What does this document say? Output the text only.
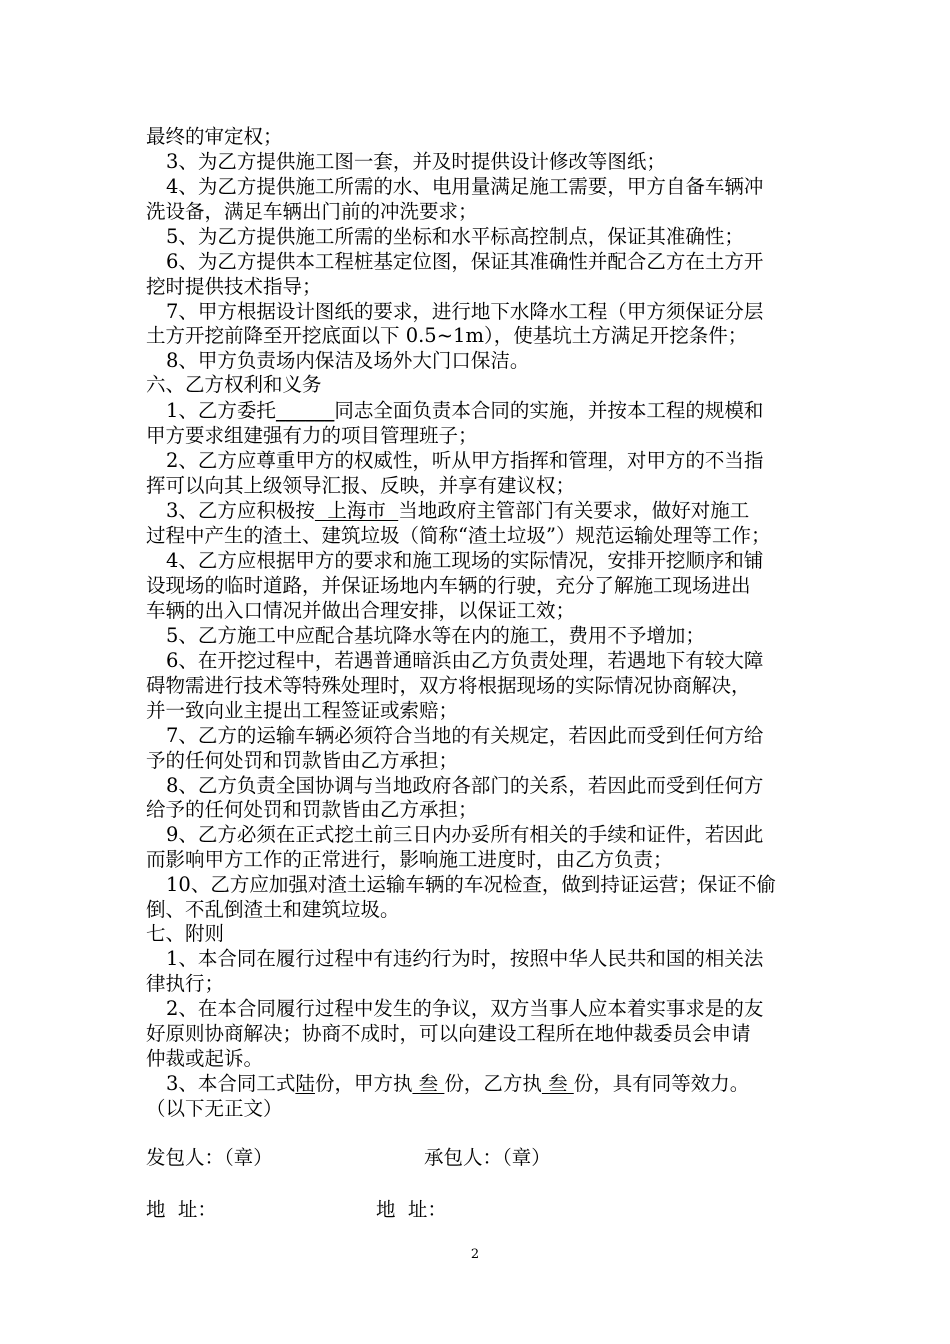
最终的审定权；
3、为乙方提供施工图一套，并及时提供设计修改等图纸；
4、为乙方提供施工所需的水、电用量满足施工需要，甲方自备车辆冲
洗设备，满足车辆出门前的冲洗要求；
5、为乙方提供施工所需的坐标和水平标高控制点，保证其准确性；
6、为乙方提供本工程桩基定位图，保证其准确性并配合乙方在土方开
挖时提供技术指导；
7、甲方根据设计图纸的要求，进行地下水降水工程（甲方须保证分层
土方开挖前降至开挖底面以下 0.5~1m），使基坑土方满足开挖条件；
8、甲方负责场内保洁及场外大门口保洁。
六、乙方权利和义务
1、乙方委托______同志全面负责本合同的实施，并按本工程的规模和
甲方要求组建强有力的项目管理班子；
2、乙方应尊重甲方的权威性，听从甲方指挥和管理，对甲方的不当指
挥可以向其上级领导汇报、反映，并享有建议权；
3、乙方应积极按  上海市  当地政府主管部门有关要求，做好对施工
过程中产生的渣土、建筑垃圾（简称“渣土垃圾”）规范运输处理等工作；
4、乙方应根据甲方的要求和施工现场的实际情况，安排开挖顺序和铺
设现场的临时道路，并保证场地内车辆的行驶，充分了解施工现场进出
车辆的出入口情况并做出合理安排，以保证工效；
5、乙方施工中应配合基坑降水等在内的施工，费用不予增加；
6、在开挖过程中，若遇普通暗浜由乙方负责处理，若遇地下有较大障
碍物需进行技术等特殊处理时，双方将根据现场的实际情况协商解决，
并一致向业主提出工程签证或索赔；
7、乙方的运输车辆必须符合当地的有关规定，若因此而受到任何方给
予的任何处罚和罚款皆由乙方承担；
8、乙方负责全国协调与当地政府各部门的关系，若因此而受到任何方
给予的任何处罚和罚款皆由乙方承担；
9、乙方必须在正式挖土前三日内办妥所有相关的手续和证件，若因此
而影响甲方工作的正常进行，影响施工进度时，由乙方负责；
10、乙方应加强对渣土运输车辆的车况检查，做到持证运营；保证不偷
倒、不乱倒渣土和建筑垃圾。
七、附则
1、本合同在履行过程中有违约行为时，按照中华人民共和国的相关法
律执行；
2、在本合同履行过程中发生的争议，双方当事人应本着实事求是的友
好原则协商解决；协商不成时，可以向建设工程所在地仲裁委员会申请
仲裁或起诉。
3、本合同工式陆份，甲方执 叁 份，乙方执 叁 份，具有同等效力。
（以下无正文）
发包人：（章）	承包人：（章）
地  址：	地  址：
2
